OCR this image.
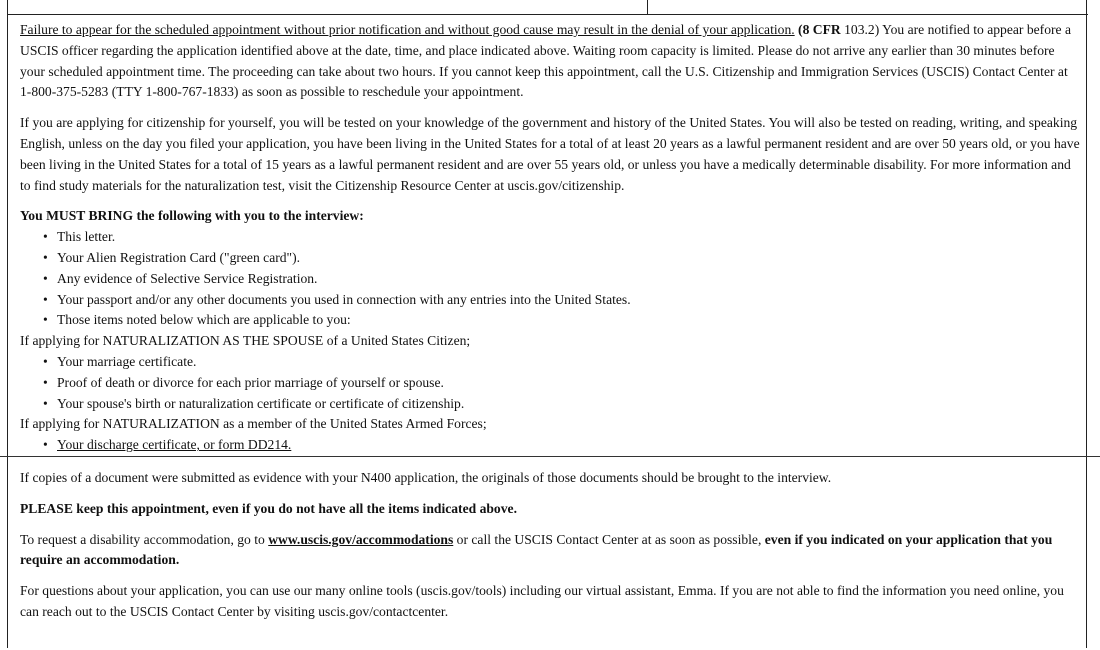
Failure to appear for the scheduled appointment without prior notification and without good cause may result in the denial of your application. (8 CFR 103.2) You are notified to appear before a USCIS officer regarding the application identified above at the date, time, and place indicated above. Waiting room capacity is limited. Please do not arrive any earlier than 30 minutes before your scheduled appointment time. The proceeding can take about two hours. If you cannot keep this appointment, call the U.S. Citizenship and Immigration Services (USCIS) Contact Center at 1-800-375-5283 (TTY 1-800-767-1833) as soon as possible to reschedule your appointment.

If you are applying for citizenship for yourself, you will be tested on your knowledge of the government and history of the United States. You will also be tested on reading, writing, and speaking English, unless on the day you filed your application, you have been living in the United States for a total of at least 20 years as a lawful permanent resident and are over 50 years old, or you have been living in the United States for a total of 15 years as a lawful permanent resident and are over 55 years old, or unless you have a medically determinable disability. For more information and to find study materials for the naturalization test, visit the Citizenship Resource Center at uscis.gov/citizenship.

You MUST BRING the following with you to the interview:

• This letter.
• Your Alien Registration Card ("green card").
• Any evidence of Selective Service Registration.
• Your passport and/or any other documents you used in connection with any entries into the United States.
• Those items noted below which are applicable to you:
If applying for NATURALIZATION AS THE SPOUSE of a United States Citizen;
• Your marriage certificate.
• Proof of death or divorce for each prior marriage of yourself or spouse.
• Your spouse's birth or naturalization certificate or certificate of citizenship.
If applying for NATURALIZATION as a member of the United States Armed Forces;
• Your discharge certificate, or form DD214.

If copies of a document were submitted as evidence with your N400 application, the originals of those documents should be brought to the interview.

PLEASE keep this appointment, even if you do not have all the items indicated above.

To request a disability accommodation, go to www.uscis.gov/accommodations or call the USCIS Contact Center at as soon as possible, even if you indicated on your application that you require an accommodation.

For questions about your application, you can use our many online tools (uscis.gov/tools) including our virtual assistant, Emma. If you are not able to find the information you need online, you can reach out to the USCIS Contact Center by visiting uscis.gov/contactcenter.
